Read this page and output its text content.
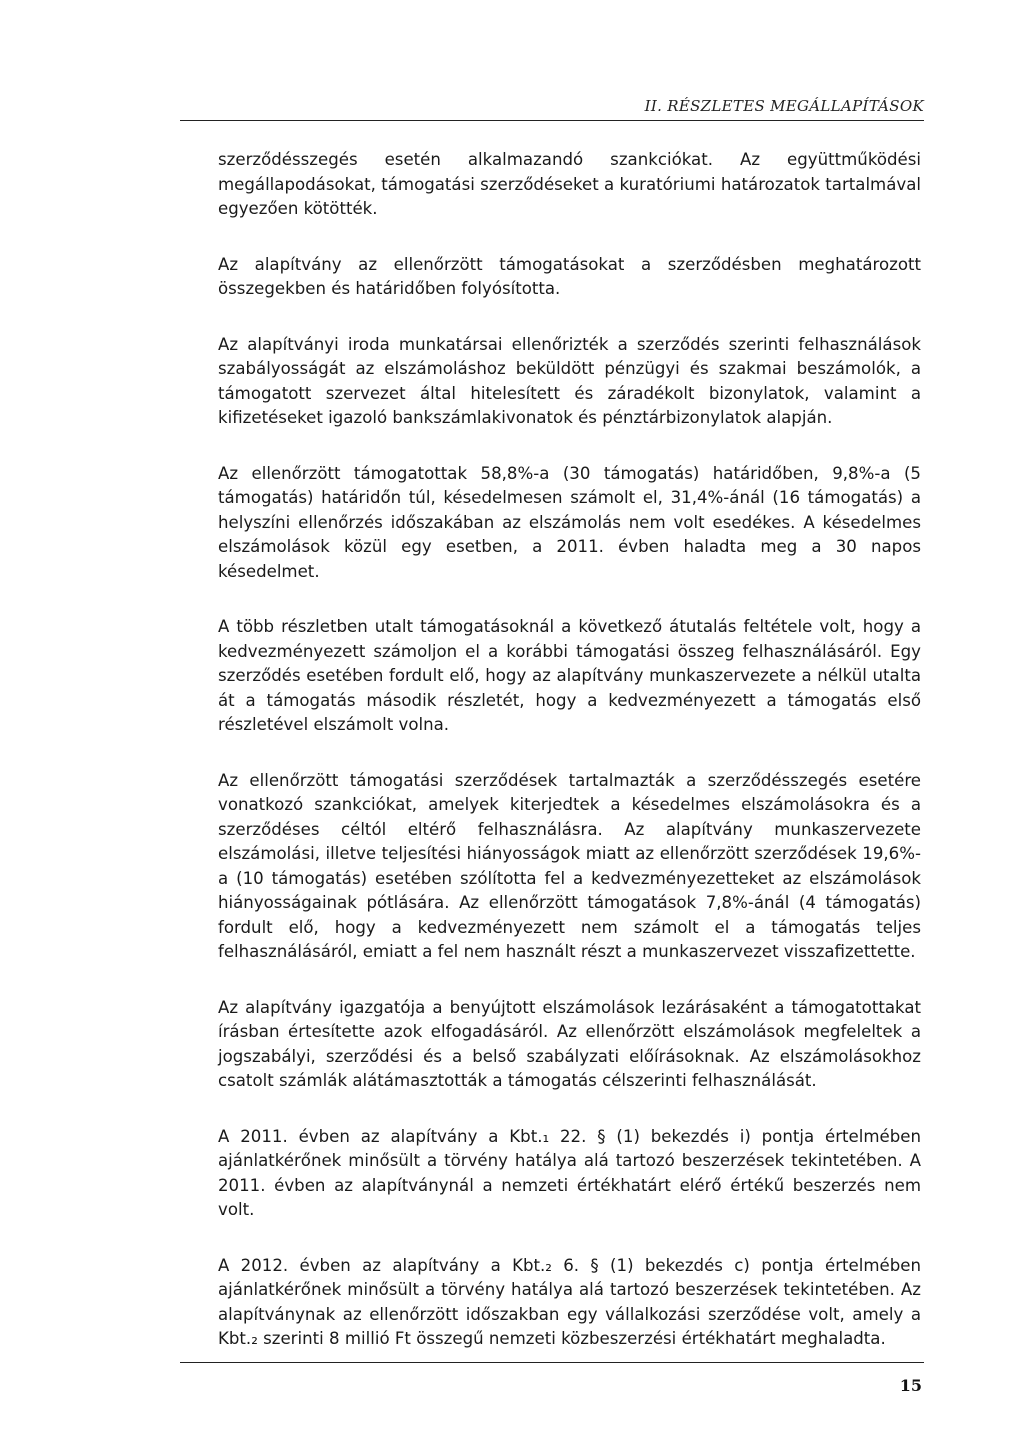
II. RÉSZLETES MEGÁLLAPÍTÁSOK

szerződésszegés esetén alkalmazandó szankciókat. Az együttműködési megállapodásokat, támogatási szerződéseket a kuratóriumi határozatok tartalmával egyezően kötötték.

Az alapítvány az ellenőrzött támogatásokat a szerződésben meghatározott összegekben és határidőben folyósította.

Az alapítványi iroda munkatársai ellenőrizték a szerződés szerinti felhasználások szabályosságát az elszámoláshoz beküldött pénzügyi és szakmai beszámolók, a támogatott szervezet által hitelesített és záradékolt bizonylatok, valamint a kifizetéseket igazoló bankszámlakivonatok és pénztárbizonylatok alapján.

Az ellenőrzött támogatottak 58,8%-a (30 támogatás) határidőben, 9,8%-a (5 támogatás) határidőn túl, késedelmesen számolt el, 31,4%-ánál (16 támogatás) a helyszíni ellenőrzés időszakában az elszámolás nem volt esedékes. A késedelmes elszámolások közül egy esetben, a 2011. évben haladta meg a 30 napos késedelmet.

A több részletben utalt támogatásoknál a következő átutalás feltétele volt, hogy a kedvezményezett számoljon el a korábbi támogatási összeg felhasználásáról. Egy szerződés esetében fordult elő, hogy az alapítvány munkaszervezete a nélkül utalta át a támogatás második részletét, hogy a kedvezményezett a támogatás első részletével elszámolt volna.

Az ellenőrzött támogatási szerződések tartalmazták a szerződésszegés esetére vonatkozó szankciókat, amelyek kiterjedtek a késedelmes elszámolásokra és a szerződéses céltól eltérő felhasználásra. Az alapítvány munkaszervezete elszámolási, illetve teljesítési hiányosságok miatt az ellenőrzött szerződések 19,6%-a (10 támogatás) esetében szólította fel a kedvezményezetteket az elszámolások hiányosságainak pótlására. Az ellenőrzött támogatások 7,8%-ánál (4 támogatás) fordult elő, hogy a kedvezményezett nem számolt el a támogatás teljes felhasználásáról, emiatt a fel nem használt részt a munkaszervezet visszafizettette.

Az alapítvány igazgatója a benyújtott elszámolások lezárásaként a támogatottakat írásban értesítette azok elfogadásáról. Az ellenőrzött elszámolások megfeleltek a jogszabályi, szerződési és a belső szabályzati előírásoknak. Az elszámolásokhoz csatolt számlák alátámasztották a támogatás célszerinti felhasználását.

A 2011. évben az alapítvány a Kbt.₁ 22. § (1) bekezdés i) pontja értelmében ajánlatkérőnek minősült a törvény hatálya alá tartozó beszerzések tekintetében. A 2011. évben az alapítványnál a nemzeti értékhatárt elérő értékű beszerzés nem volt.

A 2012. évben az alapítvány a Kbt.₂ 6. § (1) bekezdés c) pontja értelmében ajánlatkérőnek minősült a törvény hatálya alá tartozó beszerzések tekintetében. Az alapítványnak az ellenőrzött időszakban egy vállalkozási szerződése volt, amely a Kbt.₂ szerinti 8 millió Ft összegű nemzeti közbeszerzési értékhatárt meghaladta.

15
